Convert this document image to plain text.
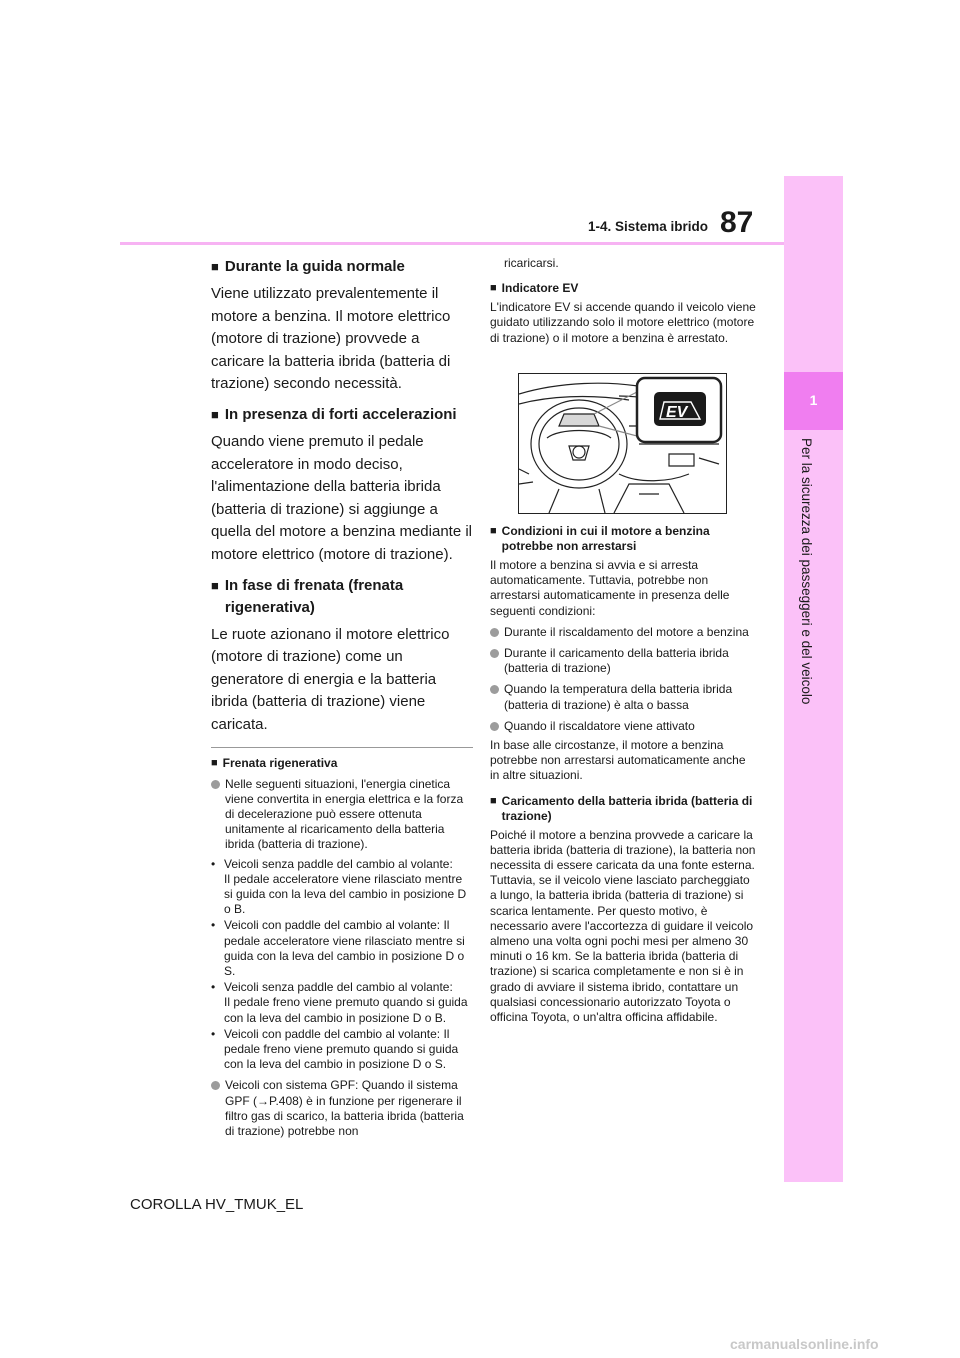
87
1-4. Sistema ibrido
1
Per la sicurezza dei passeggeri e del veicolo
■ Durante la guida normale

Viene utilizzato prevalentemente il motore a benzina. Il motore elettrico (motore di trazione) provvede a caricare la batteria ibrida (batteria di trazione) secondo necessità.

■ In presenza di forti accelerazioni

Quando viene premuto il pedale acceleratore in modo deciso, l'alimentazione della batteria ibrida (batteria di trazione) si aggiunge a quella del motore a benzina mediante il motore elettrico (motore di trazione).

■ In fase di frenata (frenata rigenerativa)

Le ruote azionano il motore elettrico (motore di trazione) come un generatore di energia e la batteria ibrida (batteria di trazione) viene caricata.

■ Frenata rigenerativa
Nelle seguenti situazioni, l'energia cinetica viene convertita in energia elettrica e la forza di decelerazione può essere ottenuta unitamente al ricaricamento della batteria ibrida (batteria di trazione).
• Veicoli senza paddle del cambio al volante:
Il pedale acceleratore viene rilasciato mentre si guida con la leva del cambio in posizione D o B.
• Veicoli con paddle del cambio al volante: Il pedale acceleratore viene rilasciato mentre si guida con la leva del cambio in posizione D o S.
• Veicoli senza paddle del cambio al volante:
Il pedale freno viene premuto quando si guida con la leva del cambio in posizione D o B.
• Veicoli con paddle del cambio al volante: Il pedale freno viene premuto quando si guida con la leva del cambio in posizione D o S.
Veicoli con sistema GPF: Quando il sistema GPF (→P.408) è in funzione per rigenerare il filtro gas di scarico, la batteria ibrida (batteria di trazione) potrebbe non

ricaricarsi.

■ Indicatore EV

L'indicatore EV si accende quando il veicolo viene guidato utilizzando solo il motore elettrico (motore di trazione) o il motore a benzina è arrestato.

EV
■ Condizioni in cui il motore a benzina potrebbe non arrestarsi

Il motore a benzina si avvia e si arresta automaticamente. Tuttavia, potrebbe non arrestarsi automaticamente in presenza delle seguenti condizioni:

Durante il riscaldamento del motore a benzina
Durante il caricamento della batteria ibrida (batteria di trazione)
Quando la temperatura della batteria ibrida (batteria di trazione) è alta o bassa
Quando il riscaldatore viene attivato

In base alle circostanze, il motore a benzina potrebbe non arrestarsi automaticamente anche in altre situazioni.

■ Caricamento della batteria ibrida (batteria di trazione)

Poiché il motore a benzina provvede a caricare la batteria ibrida (batteria di trazione), la batteria non necessita di essere caricata da una fonte esterna. Tuttavia, se il veicolo viene lasciato parcheggiato a lungo, la batteria ibrida (batteria di trazione) si scarica lentamente. Per questo motivo, è necessario avere l'accortezza di guidare il veicolo almeno una volta ogni pochi mesi per almeno 30 minuti o 16 km. Se la batteria ibrida (batteria di trazione) si scarica completamente e non si è in grado di avviare il sistema ibrido, contattare un qualsiasi concessionario autorizzato Toyota o officina Toyota, o un'altra officina affidabile.

COROLLA HV_TMUK_EL
carmanualsonline.info
